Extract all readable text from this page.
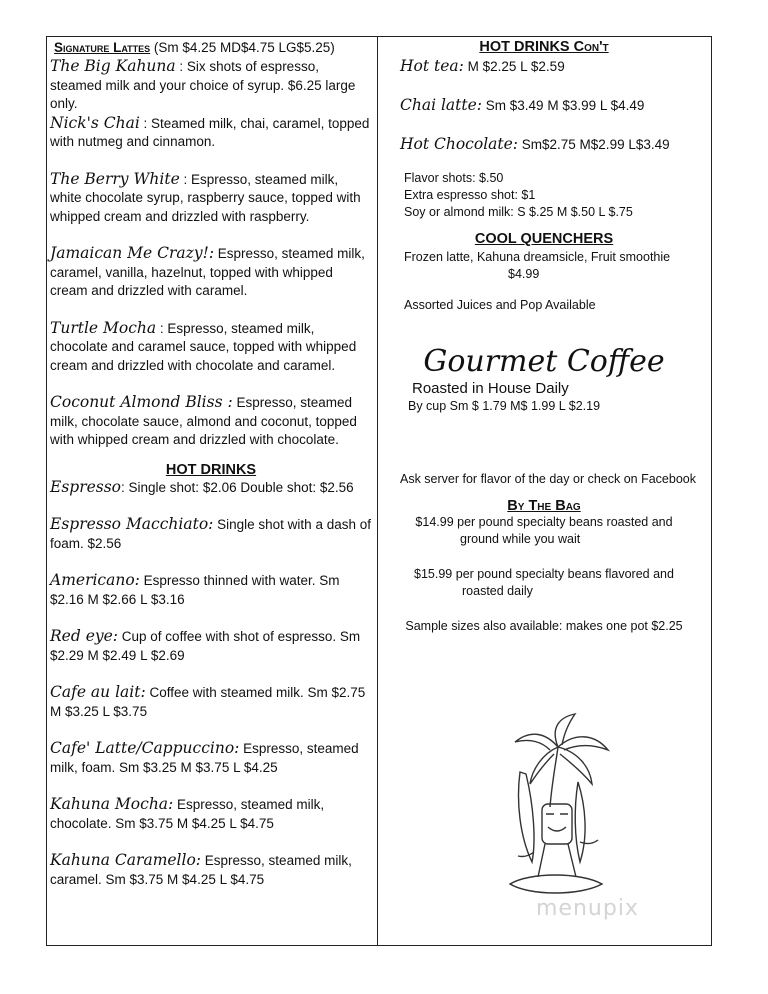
Signature Lattes (Sm $4.25 MD$4.75 LG$5.25)

The Big Kahuna : Six shots of espresso, steamed milk and your choice of syrup. $6.25 large only.

Nick's Chai : Steamed milk, chai, caramel, topped with nutmeg and cinnamon.

The Berry White : Espresso, steamed milk, white chocolate syrup, raspberry sauce, topped with whipped cream and drizzled with raspberry.

Jamaican Me Crazy!: Espresso, steamed milk, caramel, vanilla, hazelnut, topped with whipped cream and drizzled with caramel.

Turtle Mocha : Espresso, steamed milk, chocolate and caramel sauce, topped with whipped cream and drizzled with chocolate and caramel.

Coconut Almond Bliss : Espresso, steamed milk, chocolate sauce, almond and coconut, topped with whipped cream and drizzled with chocolate.

HOT DRINKS

Espresso: Single shot: $2.06 Double shot: $2.56

Espresso Macchiato: Single shot with a dash of foam. $2.56

Americano: Espresso thinned with water. Sm $2.16 M $2.66 L $3.16

Red eye: Cup of coffee with shot of espresso. Sm $2.29 M $2.49 L $2.69

Cafe au lait: Coffee with steamed milk. Sm $2.75 M $3.25 L $3.75

Cafe' Latte/Cappuccino: Espresso, steamed milk, foam. Sm $3.25 M $3.75 L $4.25

Kahuna Mocha: Espresso, steamed milk, chocolate. Sm $3.75 M $4.25 L $4.75

Kahuna Caramello: Espresso, steamed milk, caramel. Sm $3.75 M $4.25 L $4.75

HOT DRINKS Con't

Hot tea: M $2.25 L $2.59

Chai latte: Sm $3.49 M $3.99 L $4.49

Hot Chocolate: Sm$2.75 M$2.99 L$3.49

Flavor shots: $.50
Extra espresso shot: $1
Soy or almond milk: S $.25 M $.50 L $.75
COOL QUENCHERS
Frozen latte, Kahuna dreamsicle, Fruit smoothie
$4.99
Assorted Juices and Pop Available
Gourmet Coffee
Roasted in House Daily
By cup Sm $ 1.79 M$ 1.99 L $2.19
Ask server for flavor of the day or check on Facebook
By The Bag
$14.99 per pound specialty beans roasted and
ground while you wait
$15.99 per pound specialty beans flavored and
roasted daily
Sample sizes also available: makes one pot $2.25
menupix
